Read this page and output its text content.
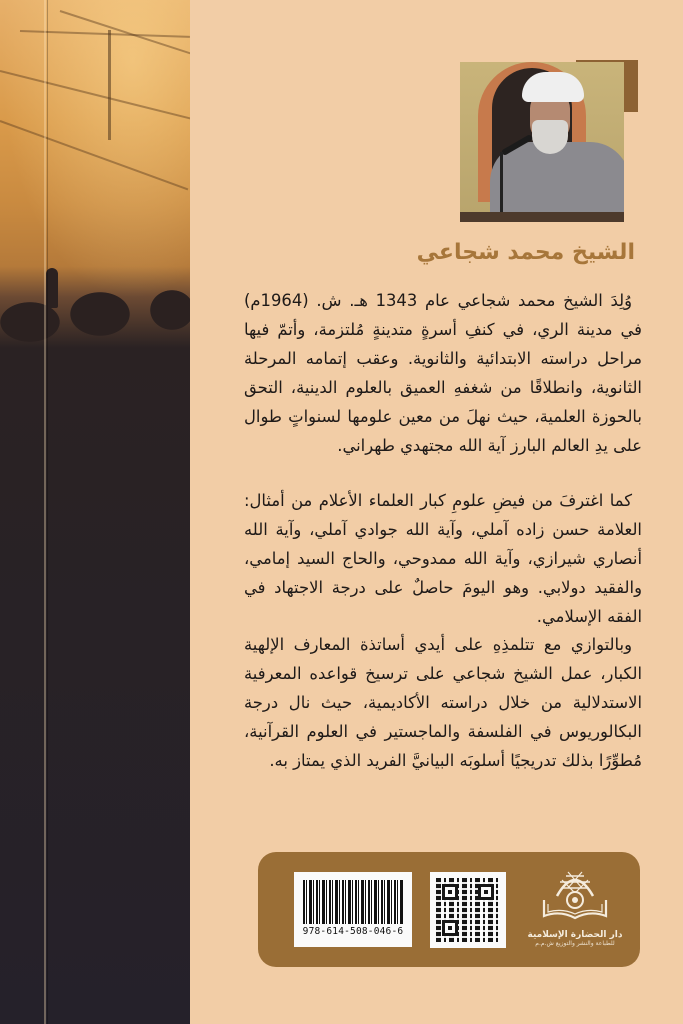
الشيخ محمد شجاعي

وُلِدَ الشيخ محمد شجاعي عام 1343 هـ. ش. (1964م) في مدينة الري، في كنفِ أسرةٍ متدينةٍ مُلتزمة، وأتمّ فيها مراحل دراسته الابتدائية والثانوية. وعقب إتمامه المرحلة الثانوية، وانطلاقًا من شغفهِ العميق بالعلوم الدينية، التحق بالحوزة العلمية، حيث نهلَ من معين علومها لسنواتٍ طوال على يدِ العالم البارز آية الله مجتهدي طهراني.

كما اغترفَ من فيضِ علومِ كبار العلماء الأعلام من أمثال: العلامة حسن زاده آملي، وآية الله جوادي آملي، وآية الله أنصاري شيرازي، وآية الله ممدوحي، والحاج السيد إمامي، والفقيد دولابي. وهو اليومَ حاصلٌ على درجة الاجتهاد في الفقه الإسلامي.

وبالتوازي مع تتلمذِهِ على أيدي أساتذة المعارف الإلهية الكبار، عمل الشيخ شجاعي على ترسيخ قواعده المعرفية الاستدلالية من خلال دراسته الأكاديمية، حيث نال درجة البكالوريوس في الفلسفة والماجستير في العلوم القرآنية، مُطوِّرًا بذلك تدريجيًا أسلوبَه البيانيَّ الفريد الذي يمتاز به.

978-614-508-046-6	دار الحضارة الإسلامية
للطباعة والنشر والتوزيع ش.م.م
